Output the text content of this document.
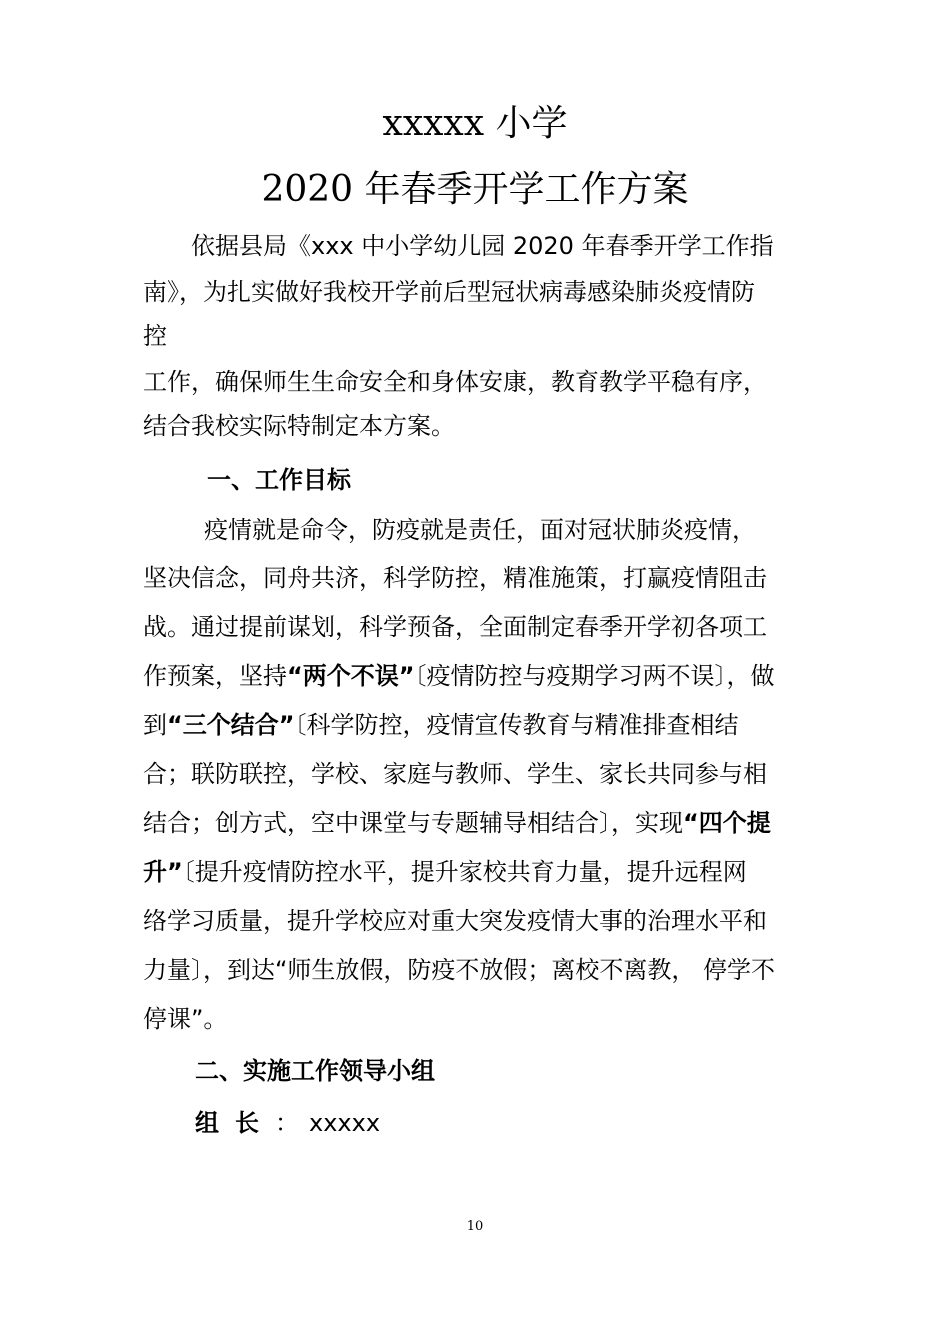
xxxxx 小学
2020 年春季开学工作方案
　　依据县局《xxx 中小学幼儿园 2020 年春季开学工作指
南》，为扎实做好我校开学前后型冠状病毒感染肺炎疫情防
控
工作，确保师生生命安全和身体安康，教育教学平稳有序，
结合我校实际特制定本方案。
一、工作目标
　疫情就是命令，防疫就是责任，面对冠状肺炎疫情，
坚决信念，同舟共济，科学防控，精准施策，打赢疫情阻击
战。通过提前谋划，科学预备，全面制定春季开学初各项工
作预案，坚持“两个不误”〔疫情防控与疫期学习两不误〕，做
到“三个结合”〔科学防控，疫情宣传教育与精准排查相结
合；联防联控，学校、家庭与教师、学生、家长共同参与相
结合；创方式，空中课堂与专题辅导相结合〕，实现“四个提
升”〔提升疫情防控水平，提升家校共育力量，提升远程网
络学习质量，提升学校应对重大突发疫情大事的治理水平和
力量〕，到达“师生放假，防疫不放假；离校不离教， 停学不
停课”。
二、实施工作领导小组
组长： xxxxx
10
